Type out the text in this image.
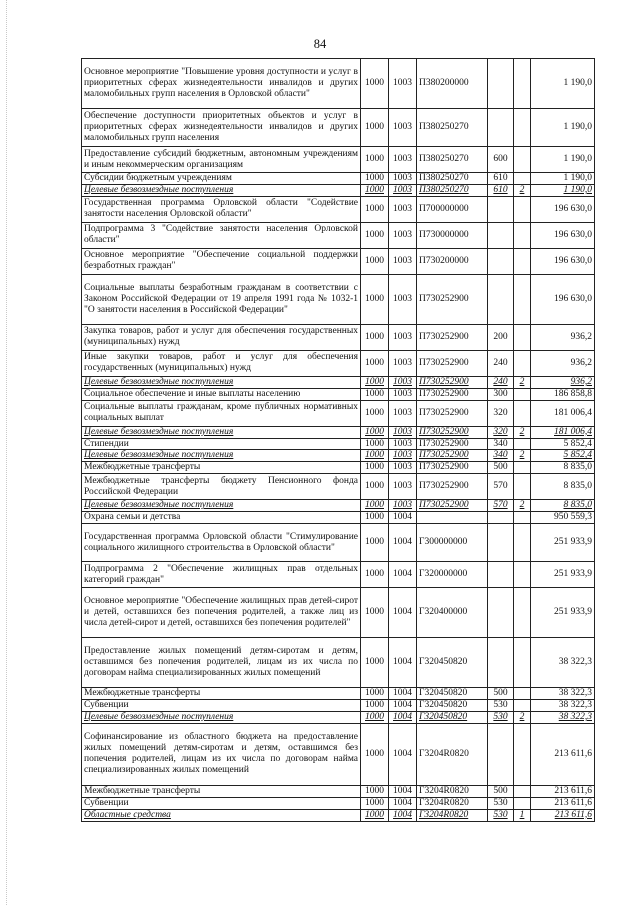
84
Основное мероприятие "Повышение уровня доступности и услуг в приоритетных сферах жизнедеятельности инвалидов и других маломобильных групп населения в Орловской области"	1000	1003	П380200000			1 190,0
Обеспечение доступности приоритетных объектов и услуг в приоритетных сферах жизнедеятельности инвалидов и других маломобильных групп населения	1000	1003	П380250270			1 190,0
Предоставление субсидий бюджетным, автономным учреждениям и иным некоммерческим организациям	1000	1003	П380250270	600		1 190,0
Субсидии бюджетным учреждениям	1000	1003	П380250270	610		1 190,0
Целевые безвозмездные поступления	1000	1003	П380250270	610	2	1 190,0
Государственная программа Орловской области "Содействие занятости населения Орловской области"	1000	1003	П700000000			196 630,0
Подпрограмма 3 "Содействие занятости населения Орловской области"	1000	1003	П730000000			196 630,0
Основное мероприятие "Обеспечение социальной поддержки безработных граждан"	1000	1003	П730200000			196 630,0
Социальные выплаты безработным гражданам в соответствии с Законом Российской Федерации от 19 апреля 1991 года № 1032-1 "О занятости населения в Российской Федерации"	1000	1003	П730252900			196 630,0
Закупка товаров, работ и услуг для обеспечения государственных (муниципальных) нужд	1000	1003	П730252900	200		936,2
Иные закупки товаров, работ и услуг для обеспечения государственных (муниципальных) нужд	1000	1003	П730252900	240		936,2
Целевые безвозмездные поступления	1000	1003	П730252900	240	2	936,2
Социальное обеспечение и иные выплаты населению	1000	1003	П730252900	300		186 858,8
Социальные выплаты гражданам, кроме публичных нормативных социальных выплат	1000	1003	П730252900	320		181 006,4
Целевые безвозмездные поступления	1000	1003	П730252900	320	2	181 006,4
Стипендии	1000	1003	П730252900	340		5 852,4
Целевые безвозмездные поступления	1000	1003	П730252900	340	2	5 852,4
Межбюджетные трансферты	1000	1003	П730252900	500		8 835,0
Межбюджетные трансферты бюджету Пенсионного фонда Российской Федерации	1000	1003	П730252900	570		8 835,0
Целевые безвозмездные поступления	1000	1003	П730252900	570	2	8 835,0
Охрана семьи и детства	1000	1004				950 559,3
Государственная программа Орловской области "Стимулирование социального жилищного строительства в Орловской области"	1000	1004	Г300000000			251 933,9
Подпрограмма 2 "Обеспечение жилищных прав отдельных категорий граждан"	1000	1004	Г320000000			251 933,9
Основное мероприятие "Обеспечение жилищных прав детей-сирот и детей, оставшихся без попечения родителей, а также лиц из числа детей-сирот и детей, оставшихся без попечения родителей"	1000	1004	Г320400000			251 933,9
Предоставление жилых помещений детям-сиротам и детям, оставшимся без попечения родителей, лицам из их числа по договорам найма специализированных жилых помещений	1000	1004	Г320450820			38 322,3
Межбюджетные трансферты	1000	1004	Г320450820	500		38 322,3
Субвенции	1000	1004	Г320450820	530		38 322,3
Целевые безвозмездные поступления	1000	1004	Г320450820	530	2	38 322,3
Софинансирование из областного бюджета на предоставление жилых помещений детям-сиротам и детям, оставшимся без попечения родителей, лицам из их числа по договорам найма специализированных жилых помещений	1000	1004	Г3204R0820			213 611,6
Межбюджетные трансферты	1000	1004	Г3204R0820	500		213 611,6
Субвенции	1000	1004	Г3204R0820	530		213 611,6
Областные средства	1000	1004	Г3204R0820	530	1	213 611,6
